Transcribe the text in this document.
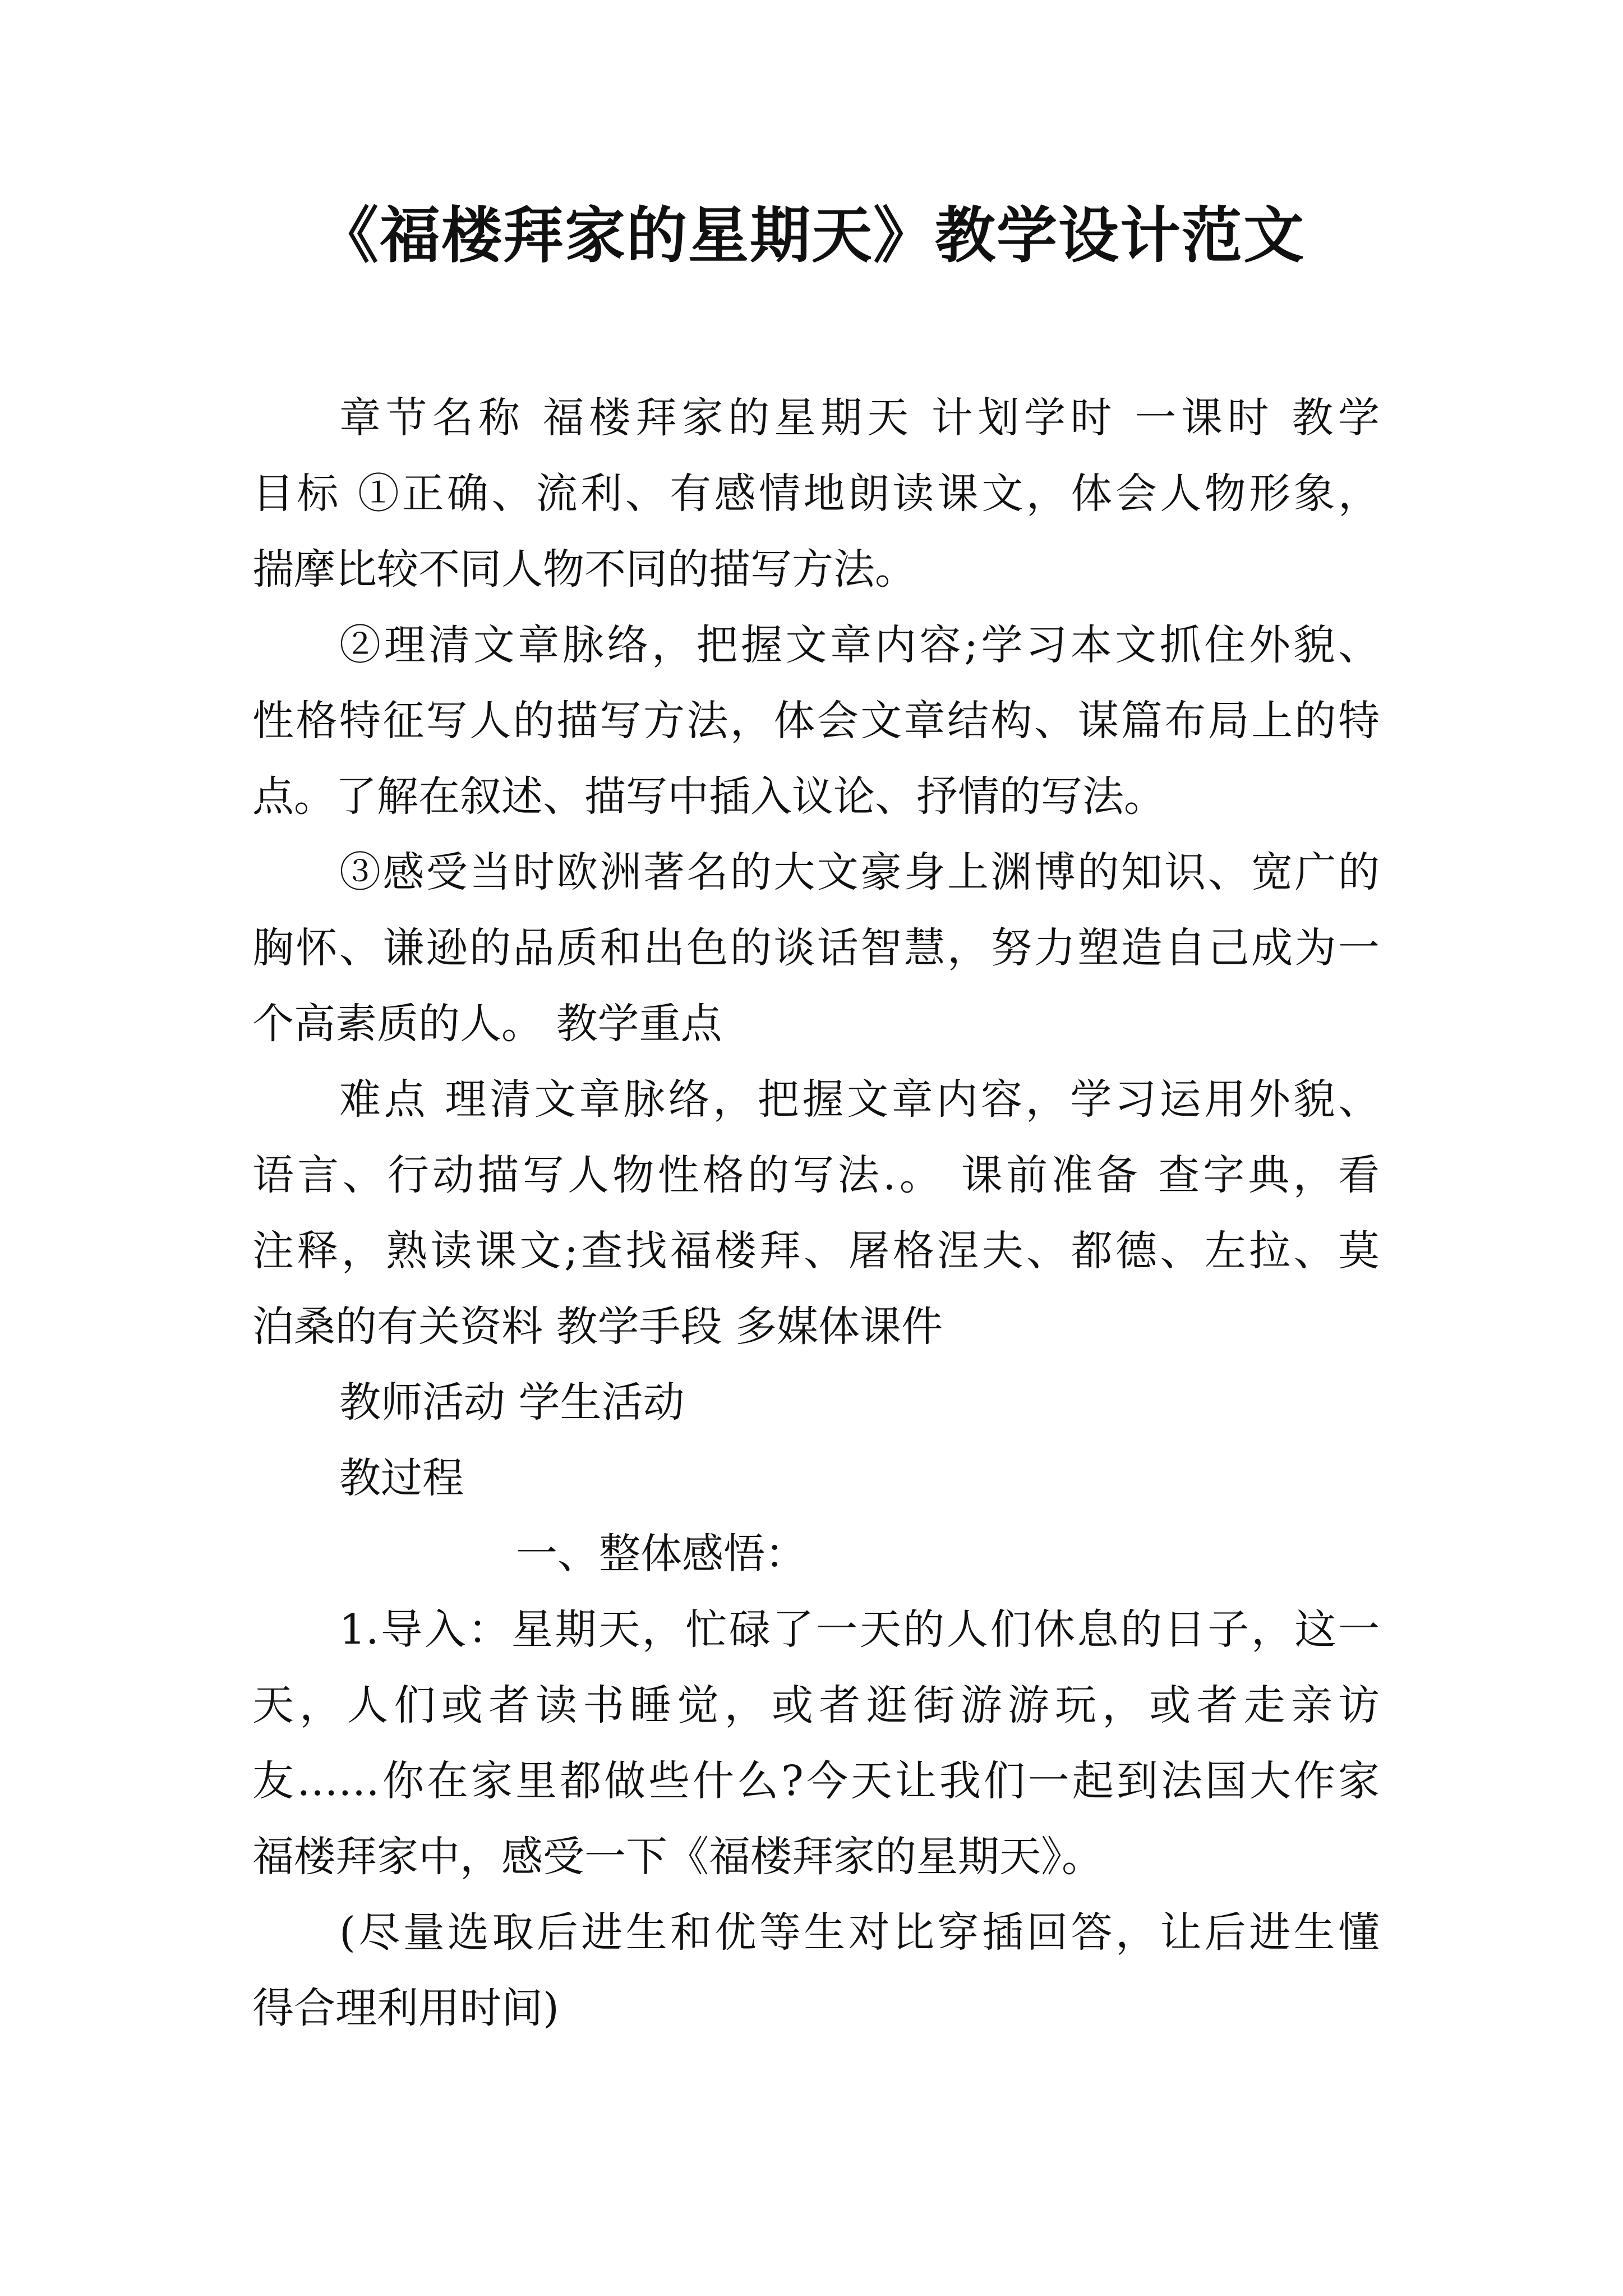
《福楼拜家的星期天》教学设计范文
章节名称 福楼拜家的星期天 计划学时 一课时 教学
目标 ①正确、流利、有感情地朗读课文，体会人物形象，
揣摩比较不同人物不同的描写方法。
②理清文章脉络，把握文章内容;学习本文抓住外貌、
性格特征写人的描写方法，体会文章结构、谋篇布局上的特
点。了解在叙述、描写中插入议论、抒情的写法。
③感受当时欧洲著名的大文豪身上渊博的知识、宽广的
胸怀、谦逊的品质和出色的谈话智慧，努力塑造自己成为一
个高素质的人。 教学重点
难点 理清文章脉络，把握文章内容，学习运用外貌、
语言、行动描写人物性格的写法.。 课前准备 查字典，看
注释，熟读课文;查找福楼拜、屠格涅夫、都德、左拉、莫
泊桑的有关资料 教学手段 多媒体课件
教师活动 学生活动
教过程
一、整体感悟：
1.导入：星期天，忙碌了一天的人们休息的日子，这一
天，人们或者读书睡觉，或者逛街游游玩，或者走亲访
友……你在家里都做些什么?今天让我们一起到法国大作家
福楼拜家中，感受一下《福楼拜家的星期天》。
(尽量选取后进生和优等生对比穿插回答，让后进生懂
得合理利用时间)
